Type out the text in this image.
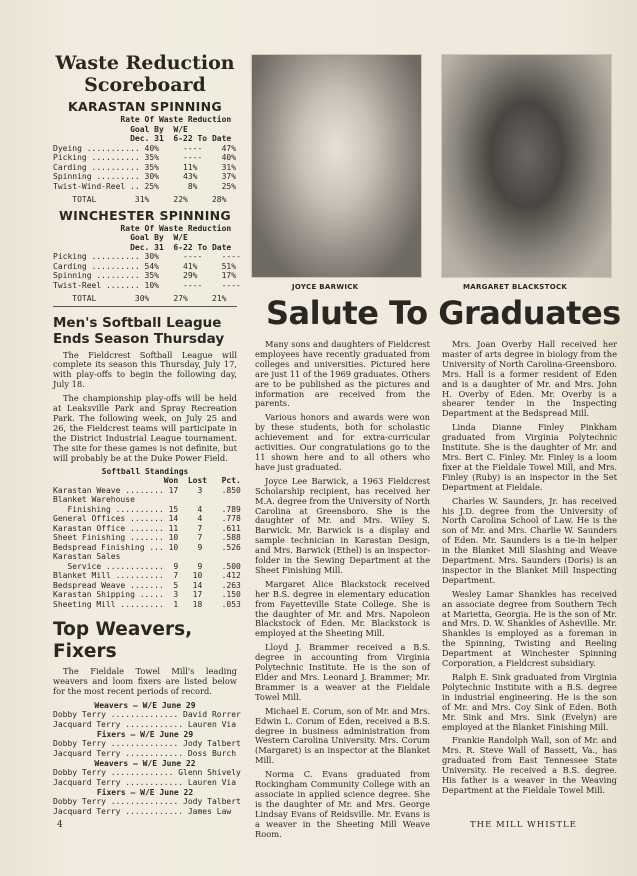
Waste Reduction
Scoreboard
KARASTAN SPINNING
Rate Of Waste Reduction
Goal By  W/E
Dec. 31  6-22 To Date
Dyeing ........... 40%     ----    47%
Picking .......... 35%     ----    40%
Carding .......... 35%     11%     31%
Spinning ......... 30%     43%     37%
Twist-Wind-Reel .. 25%      8%     25%
TOTAL        31%     22%     28%
WINCHESTER SPINNING
Rate Of Waste Reduction
Goal By  W/E
Dec. 31  6-22 To Date
Picking .......... 30%     ----    ----
Carding .......... 54%     41%     51%
Spinning ......... 35%     29%     17%
Twist-Reel ....... 10%     ----    ----
TOTAL        30%     27%     21%
Men's Softball League Ends Season Thursday

The Fieldcrest Softball League will complete its season this Thursday, July 17, with play-offs to begin the following day, July 18.

The championship play-offs will be held at Leaksville Park and Spray Recreation Park. The following week, on July 25 and 26, the Fieldcrest teams will participate in the District Industrial League tournament. The site for these games is not definite, but will probably be at the Duke Power Field.

Softball Standings
Won  Lost   Pct.
Karastan Weave ........ 17    3    .850
Blanket Warehouse
Finishing .......... 15    4    .789
General Offices ....... 14    4    .778
Karastan Office ....... 11    7    .611
Sheet Finishing ....... 10    7    .588
Bedspread Finishing ... 10    9    .526
Karastan Sales
Service ............  9    9    .500
Blanket Mill ..........  7   10    .412
Bedspread Weave .......  5   14    .263
Karastan Shipping .....  3   17    .150
Sheeting Mill .........  1   18    .053
Top Weavers, Fixers

The Fieldale Towel Mill's leading weavers and loom fixers are listed below for the most recent periods of record.

Weavers — W/E June 29
Dobby Terry .............. David Rorrer
Jacquard Terry ............ Lauren Via
Fixers — W/E June 29
Dobby Terry .............. Jody Talbert
Jacquard Terry ............ Doss Burch
Weavers — W/E June 22
Dobby Terry ............. Glenn Shively
Jacquard Terry ............ Lauren Via
Fixers — W/E June 22
Dobby Terry .............. Jody Talbert
Jacquard Terry ............ James Law
JOYCE BARWICK	MARGARET BLACKSTOCK
Salute To Graduates

Many sons and daughters of Fieldcrest employees have recently graduated from colleges and universities. Pictured here are just 11 of the 1969 graduates. Others are to be published as the pictures and information are received from the parents.

Various honors and awards were won by these students, both for scholastic achievement and for extra-curricular activities. Our congratulations go to the 11 shown here and to all others who have just graduated.

Joyce Lee Barwick, a 1963 Fieldcrest Scholarship recipient, has received her M.A. degree from the University of North Carolina at Greensboro. She is the daughter of Mr. and Mrs. Wiley S. Barwick. Mr. Barwick is a display and sample technician in Karastan Design, and Mrs. Barwick (Ethel) is an inspector-folder in the Sewing Department at the Sheet Finishing Mill.

Margaret Alice Blackstock received her B.S. degree in elementary education from Fayetteville State College. She is the daughter of Mr. and Mrs. Napoleon Blackstock of Eden. Mr. Blackstock is employed at the Sheeting Mill.

Lloyd J. Brammer received a B.S. degree in accounting from Virginia Polytechnic Institute. He is the son of Elder and Mrs. Leonard J. Brammer; Mr. Brammer is a weaver at the Fieldale Towel Mill.

Michael E. Corum, son of Mr. and Mrs. Edwin L. Corum of Eden, received a B.S. degree in business administration from Western Carolina University. Mrs. Corum (Margaret) is an inspector at the Blanket Mill.

Norma C. Evans graduated from Rockingham Community College with an associate in applied science degree. She is the daughter of Mr. and Mrs. George Lindsay Evans of Reidsville. Mr. Evans is a weaver in the Sheeting Mill Weave Room.

Mrs. Joan Overby Hall received her master of arts degree in biology from the University of North Carolina-Greensboro. Mrs. Hall is a former resident of Eden and is a daughter of Mr. and Mrs. John H. Overby of Eden. Mr. Overby is a shearer tender in the Inspecting Department at the Bedspread Mill.

Linda Dianne Finley Pinkham graduated from Virginia Polytechnic Institute. She is the daughter of Mr. and Mrs. Bert C. Finley. Mr. Finley is a loom fixer at the Fieldale Towel Mill, and Mrs. Finley (Ruby) is an inspector in the Set Department at Fieldale.

Charles W. Saunders, Jr. has received his J.D. degree from the University of North Carolina School of Law. He is the son of Mr. and Mrs. Charlie W. Saunders of Eden. Mr. Saunders is a tie-in helper in the Blanket Mill Slashing and Weave Department. Mrs. Saunders (Doris) is an inspector in the Blanket Mill Inspecting Department.

Wesley Lamar Shankles has received an associate degree from Southern Tech at Marietta, Georgia. He is the son of Mr. and Mrs. D. W. Shankles of Asheville. Mr. Shankles is employed as a foreman in the Spinning, Twisting and Reeling Department at Winchester Spinning Corporation, a Fieldcrest subsidiary.

Ralph E. Sink graduated from Virginia Polytechnic Institute with a B.S. degree in industrial engineering. He is the son of Mr. and Mrs. Coy Sink of Eden. Both Mr. Sink and Mrs. Sink (Evelyn) are employed at the Blanket Finishing Mill.

Frankie Randolph Wall, son of Mr. and Mrs. R. Steve Wall of Bassett, Va., has graduated from East Tennessee State University. He received a B.S. degree. His father is a weaver in the Weaving Department at the Fieldale Towel Mill.

4	THE MILL WHISTLE
